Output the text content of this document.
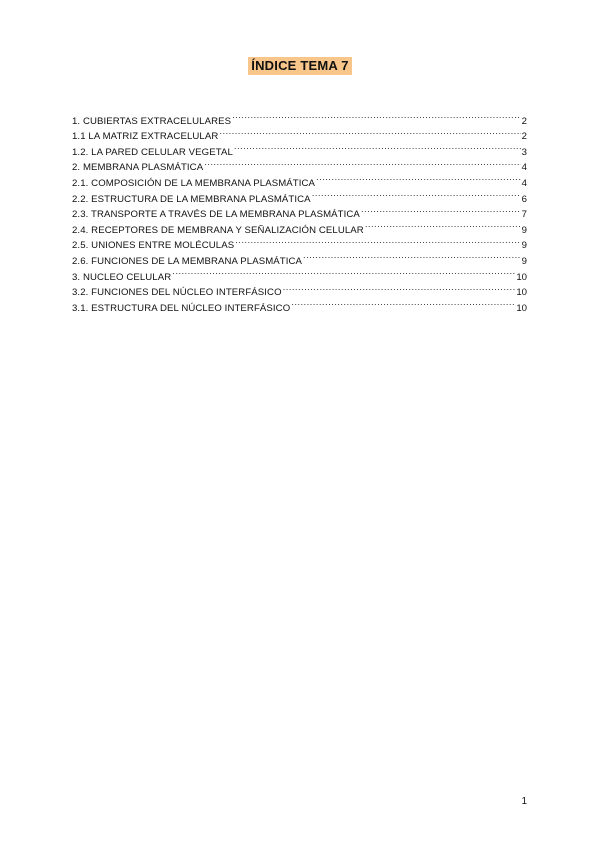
ÍNDICE TEMA 7
1. CUBIERTAS EXTRACELULARES .....	2
1.1 LA MATRIZ EXTRACELULAR .....	2
1.2. LA PARED CELULAR VEGETAL .....	3
2. MEMBRANA PLASMÁTICA .....	4
2.1. COMPOSICIÓN DE LA MEMBRANA PLASMÁTICA .....	4
2.2. ESTRUCTURA DE LA MEMBRANA PLASMÁTICA .....	6
2.3. TRANSPORTE A TRAVÉS DE LA MEMBRANA PLASMÁTICA .....	7
2.4. RECEPTORES DE MEMBRANA Y SEÑALIZACIÓN CELULAR .....	9
2.5. UNIONES ENTRE MOLÉCULAS .....	9
2.6. FUNCIONES DE LA MEMBRANA PLASMÁTICA .....	9
3. NUCLEO CELULAR .....	10
3.2. FUNCIONES DEL NÚCLEO INTERFÁSICO .....	10
3.1. ESTRUCTURA DEL NÚCLEO INTERFÁSICO .....	10
1
